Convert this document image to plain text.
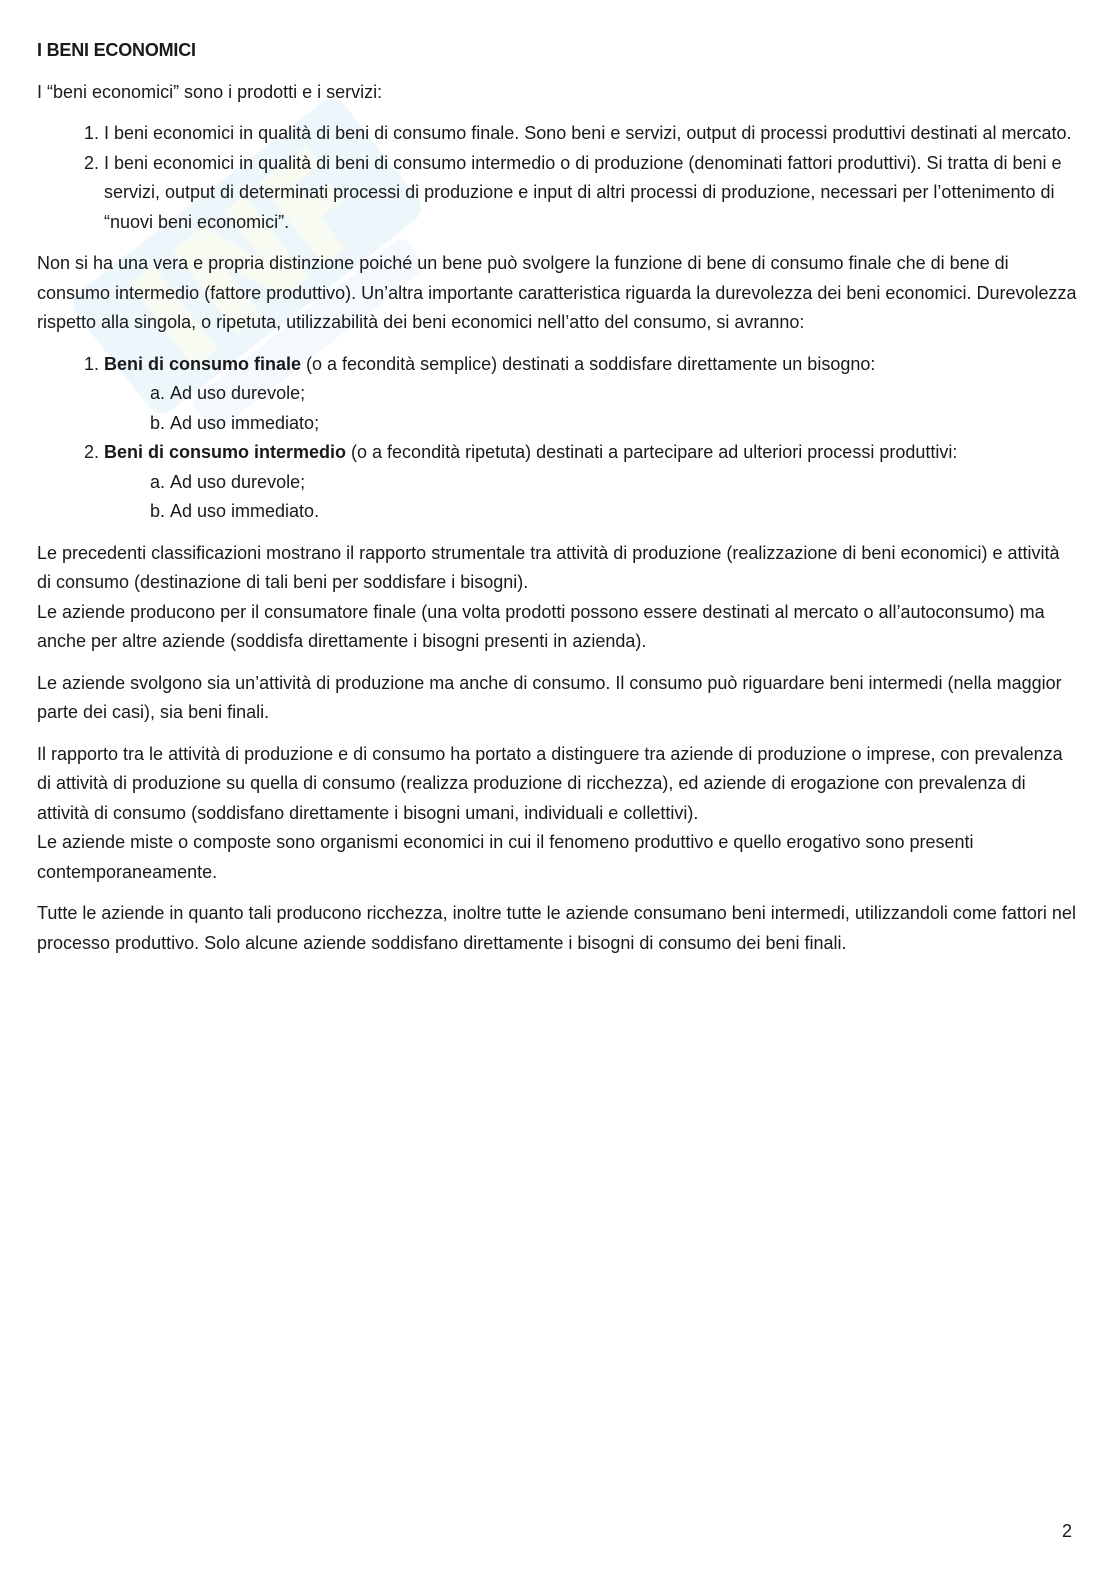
I BENI ECONOMICI

I “beni economici” sono i prodotti e i servizi:

1. I beni economici in qualità di beni di consumo finale. Sono beni e servizi, output di processi produttivi destinati al mercato.
2. I beni economici in qualità di beni di consumo intermedio o di produzione (denominati fattori produttivi). Si tratta di beni e servizi, output di determinati processi di produzione e input di altri processi di produzione, necessari per l’ottenimento di “nuovi beni economici”.

Non si ha una vera e propria distinzione poiché un bene può svolgere la funzione di bene di consumo finale che di bene di consumo intermedio (fattore produttivo). Un’altra importante caratteristica riguarda la durevolezza dei beni economici. Durevolezza rispetto alla singola, o ripetuta, utilizzabilità dei beni economici nell’atto del consumo, si avranno:

1. Beni di consumo finale (o a fecondità semplice) destinati a soddisfare direttamente un bisogno:
a. Ad uso durevole;
b. Ad uso immediato;
2. Beni di consumo intermedio (o a fecondità ripetuta) destinati a partecipare ad ulteriori processi produttivi:
a. Ad uso durevole;
b. Ad uso immediato.

Le precedenti classificazioni mostrano il rapporto strumentale tra attività di produzione (realizzazione di beni economici) e attività di consumo (destinazione di tali beni per soddisfare i bisogni).
Le aziende producono per il consumatore finale (una volta prodotti possono essere destinati al mercato o all’autoconsumo) ma anche per altre aziende (soddisfa direttamente i bisogni presenti in azienda).

Le aziende svolgono sia un’attività di produzione ma anche di consumo. Il consumo può riguardare beni intermedi (nella maggior parte dei casi), sia beni finali.

Il rapporto tra le attività di produzione e di consumo ha portato a distinguere tra aziende di produzione o imprese, con prevalenza di attività di produzione su quella di consumo (realizza produzione di ricchezza), ed aziende di erogazione con prevalenza di attività di consumo (soddisfano direttamente i bisogni umani, individuali e collettivi).
Le aziende miste o composte sono organismi economici in cui il fenomeno produttivo e quello erogativo sono presenti contemporaneamente.

Tutte le aziende in quanto tali producono ricchezza, inoltre tutte le aziende consumano beni intermedi, utilizzandoli come fattori nel processo produttivo. Solo alcune aziende soddisfano direttamente i bisogni di consumo dei beni finali.

2
